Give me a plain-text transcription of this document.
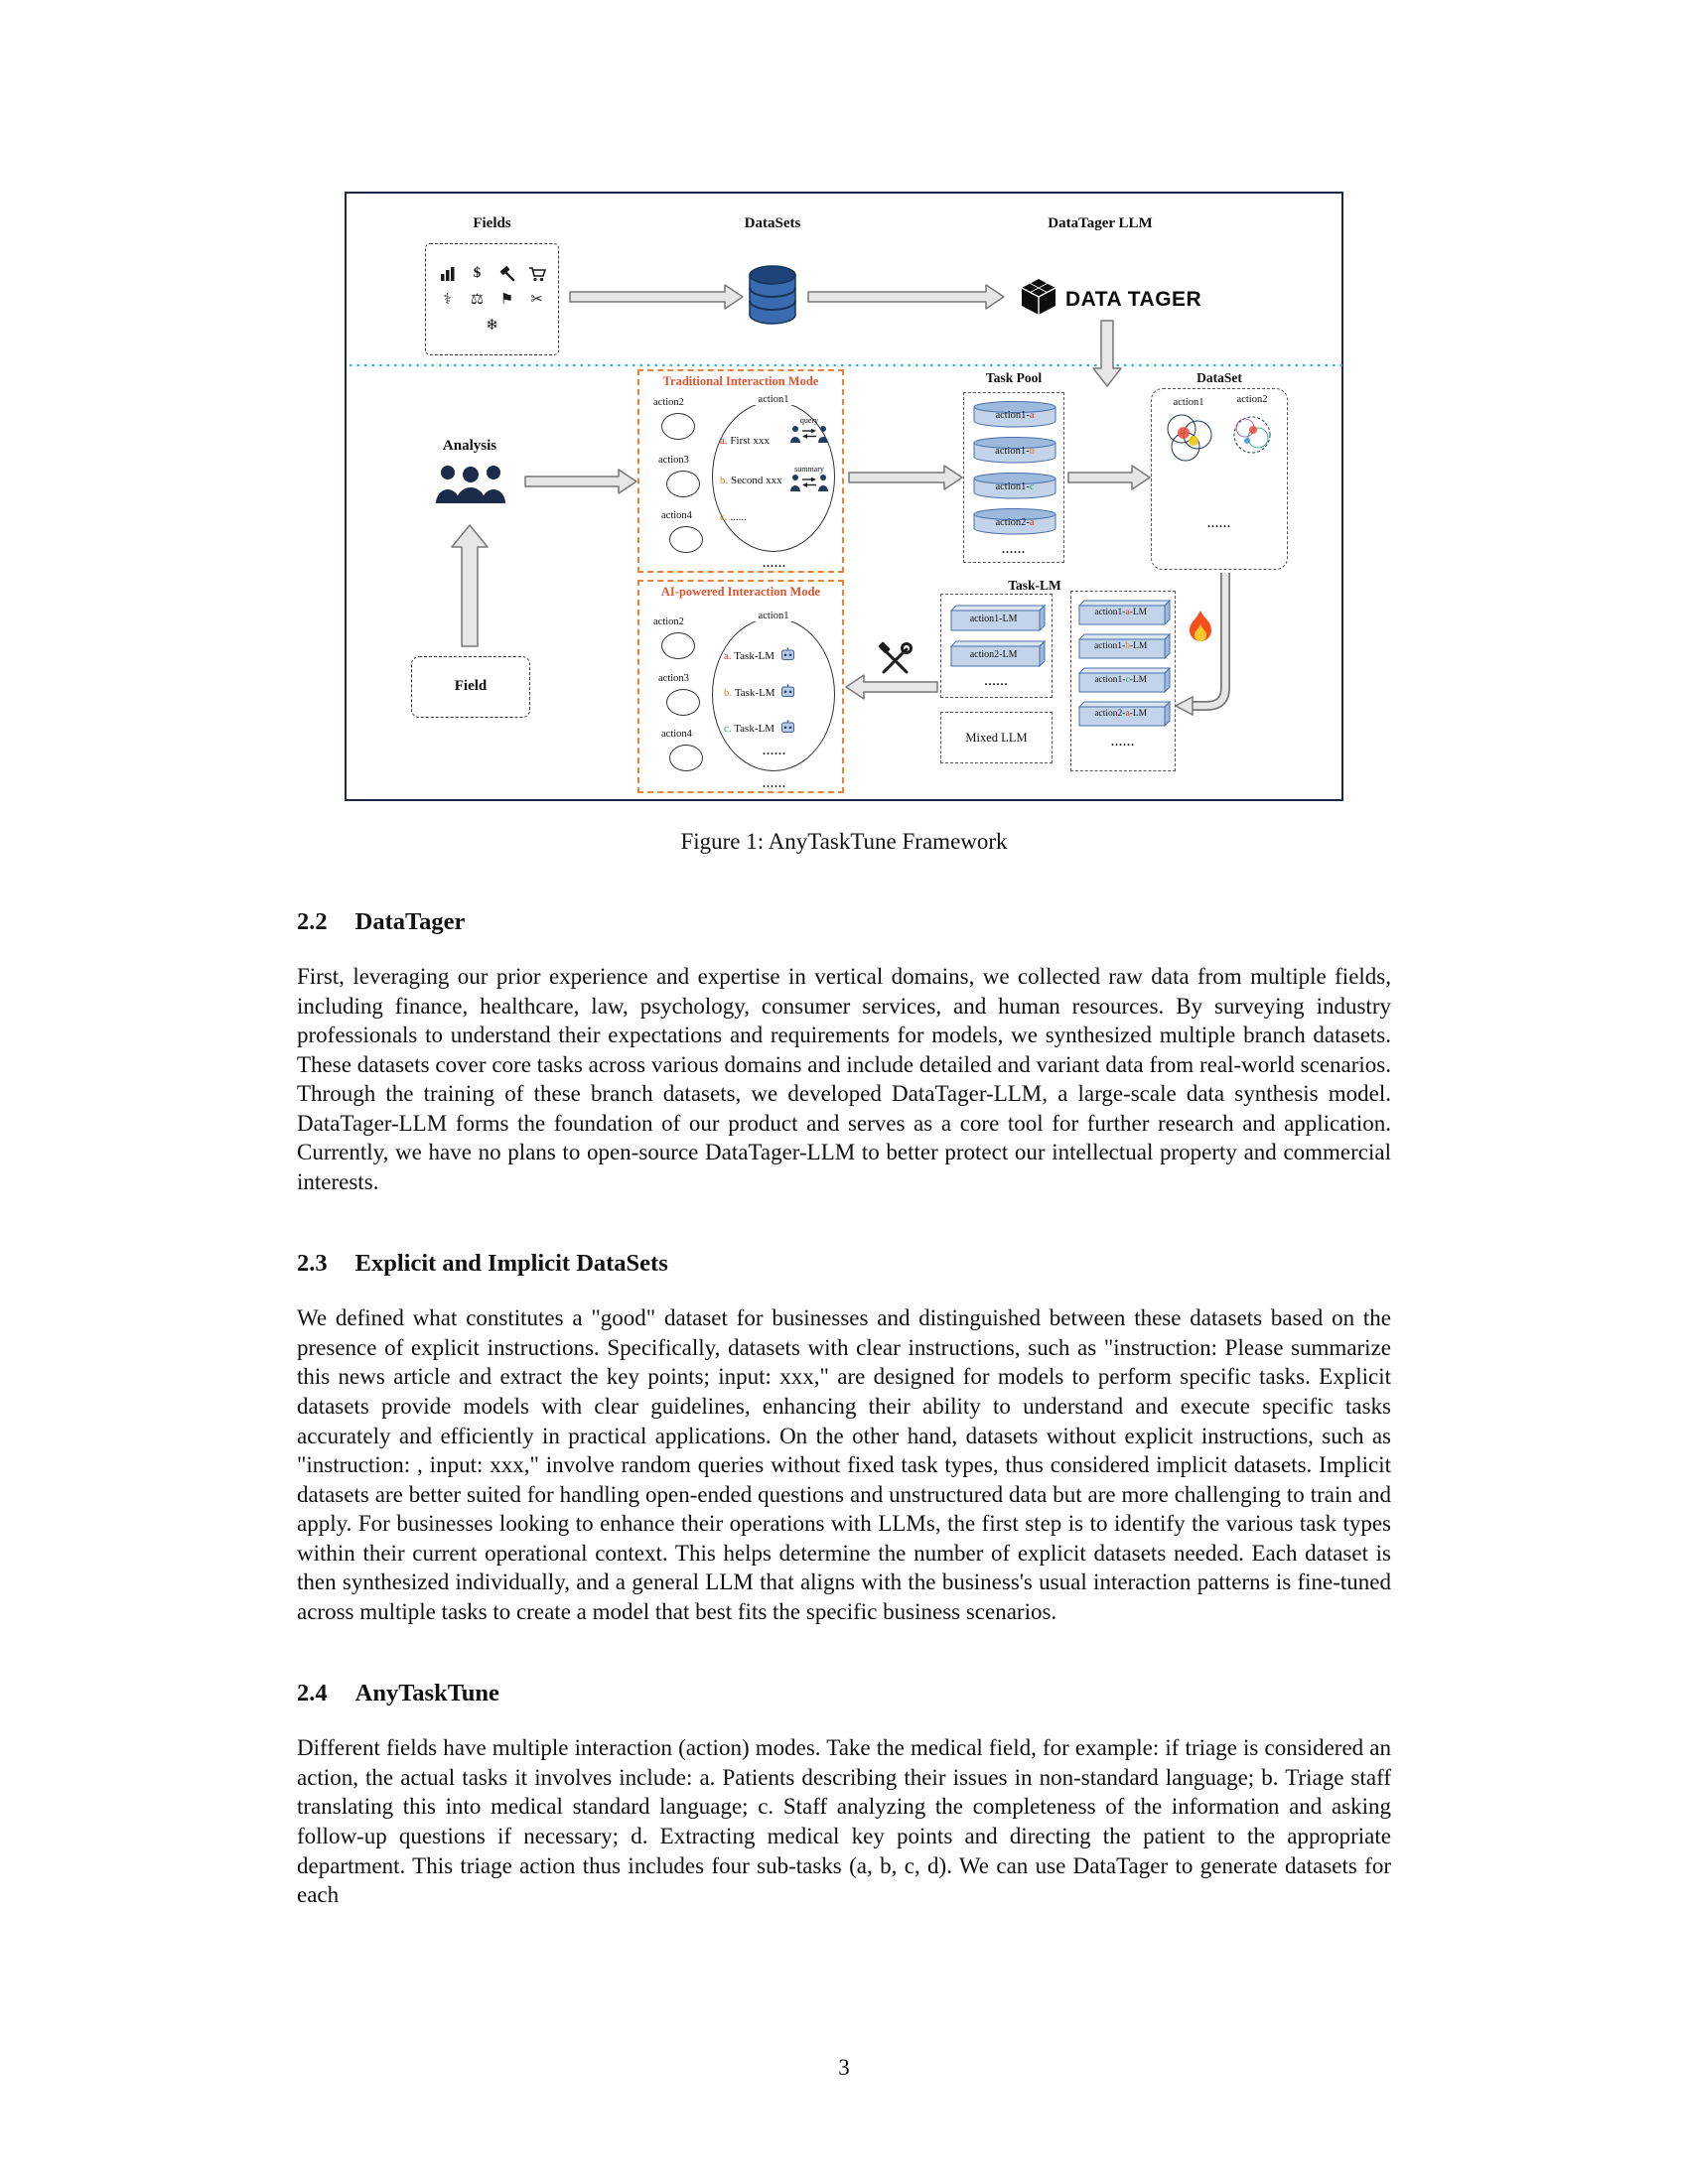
Fields
$
⚕	⚖ ⚑ ✂
❄
DataSets	DataTager LLM
DATA TAGER
Analysis
Field
Traditional Interaction Mode
action2
action3
action4
action1
a. First xxx
query
b. Second xxx
summary
c. ......
......
AI-powered Interaction Mode
action2
action3
action4
action1
a. Task-LM
b. Task-LM
c. Task-LM
......
......
Task Pool
action1-a
action1-b
action1-c
action2-a
......
DataSet
action1	action2
......
Task-LM
action1-LM
action2-LM
......
Mixed LLM
action1-a-LM
action1-b-LM
action1-c-LM
action2-a-LM
......
Figure 1: AnyTaskTune Framework
2.2 DataTager

First, leveraging our prior experience and expertise in vertical domains, we collected raw data from multiple fields, including finance, healthcare, law, psychology, consumer services, and human resources. By surveying industry professionals to understand their expectations and requirements for models, we synthesized multiple branch datasets. These datasets cover core tasks across various domains and include detailed and variant data from real-world scenarios. Through the training of these branch datasets, we developed DataTager-LLM, a large-scale data synthesis model. DataTager-LLM forms the foundation of our product and serves as a core tool for further research and application. Currently, we have no plans to open-source DataTager-LLM to better protect our intellectual property and commercial interests.

2.3 Explicit and Implicit DataSets

We defined what constitutes a "good" dataset for businesses and distinguished between these datasets based on the presence of explicit instructions. Specifically, datasets with clear instructions, such as "instruction: Please summarize this news article and extract the key points; input: xxx," are designed for models to perform specific tasks. Explicit datasets provide models with clear guidelines, enhancing their ability to understand and execute specific tasks accurately and efficiently in practical applications. On the other hand, datasets without explicit instructions, such as "instruction: , input: xxx," involve random queries without fixed task types, thus considered implicit datasets. Implicit datasets are better suited for handling open-ended questions and unstructured data but are more challenging to train and apply. For businesses looking to enhance their operations with LLMs, the first step is to identify the various task types within their current operational context. This helps determine the number of explicit datasets needed. Each dataset is then synthesized individually, and a general LLM that aligns with the business's usual interaction patterns is fine-tuned across multiple tasks to create a model that best fits the specific business scenarios.

2.4 AnyTaskTune

Different fields have multiple interaction (action) modes. Take the medical field, for example: if triage is considered an action, the actual tasks it involves include: a. Patients describing their issues in non-standard language; b. Triage staff translating this into medical standard language; c. Staff analyzing the completeness of the information and asking follow-up questions if necessary; d. Extracting medical key points and directing the patient to the appropriate department. This triage action thus includes four sub-tasks (a, b, c, d). We can use DataTager to generate datasets for each

3
